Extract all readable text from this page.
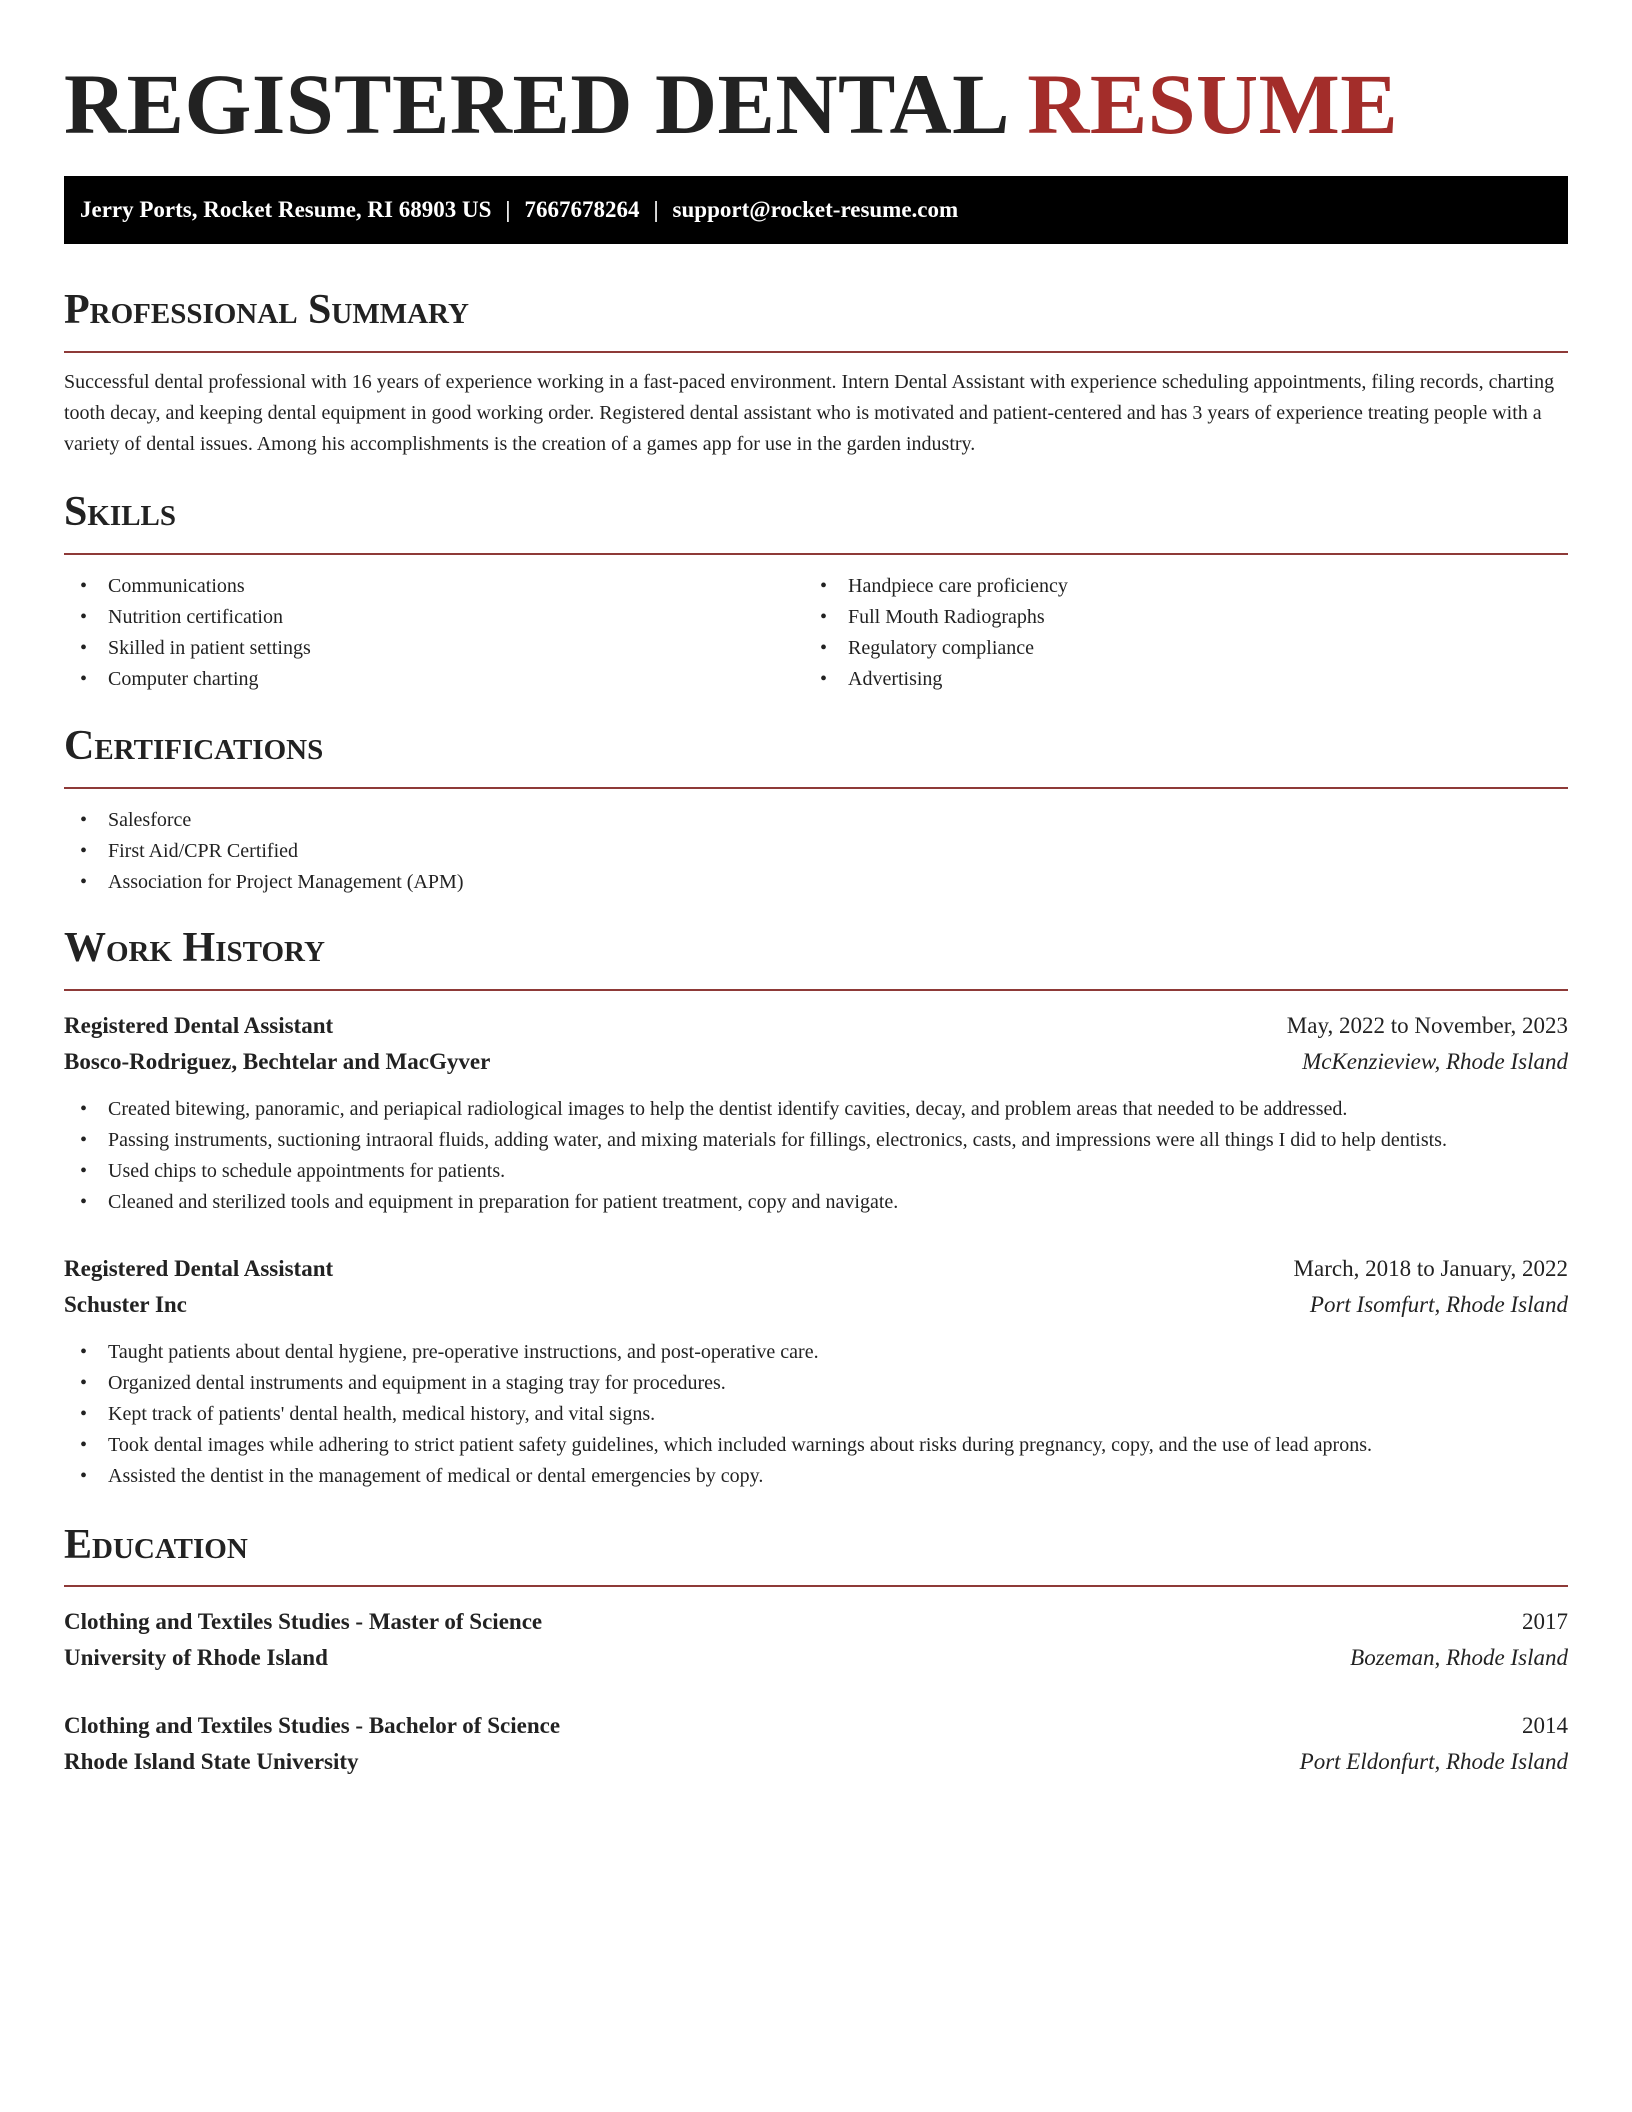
REGISTERED DENTAL RESUME
Jerry Ports, Rocket Resume, RI 68903 US | 7667678264 | support@rocket-resume.com
Professional Summary

Successful dental professional with 16 years of experience working in a fast-paced environment. Intern Dental Assistant with experience scheduling appointments, filing records, charting tooth decay, and keeping dental equipment in good working order. Registered dental assistant who is motivated and patient-centered and has 3 years of experience treating people with a variety of dental issues. Among his accomplishments is the creation of a games app for use in the garden industry.

Skills
• Communications
• Nutrition certification
• Skilled in patient settings
• Computer charting
• Handpiece care proficiency
• Full Mouth Radiographs
• Regulatory compliance
• Advertising
Certifications
• Salesforce
• First Aid/CPR Certified
• Association for Project Management (APM)
Work History
Registered Dental Assistant	May, 2022 to November, 2023
Bosco-Rodriguez, Bechtelar and MacGyver	McKenzieview, Rhode Island
• Created bitewing, panoramic, and periapical radiological images to help the dentist identify cavities, decay, and problem areas that needed to be addressed.
• Passing instruments, suctioning intraoral fluids, adding water, and mixing materials for fillings, electronics, casts, and impressions were all things I did to help dentists.
• Used chips to schedule appointments for patients.
• Cleaned and sterilized tools and equipment in preparation for patient treatment, copy and navigate.
Registered Dental Assistant	March, 2018 to January, 2022
Schuster Inc	Port Isomfurt, Rhode Island
• Taught patients about dental hygiene, pre-operative instructions, and post-operative care.
• Organized dental instruments and equipment in a staging tray for procedures.
• Kept track of patients' dental health, medical history, and vital signs.
• Took dental images while adhering to strict patient safety guidelines, which included warnings about risks during pregnancy, copy, and the use of lead aprons.
• Assisted the dentist in the management of medical or dental emergencies by copy.
Education
Clothing and Textiles Studies - Master of Science	2017
University of Rhode Island	Bozeman, Rhode Island
Clothing and Textiles Studies - Bachelor of Science	2014
Rhode Island State University	Port Eldonfurt, Rhode Island
